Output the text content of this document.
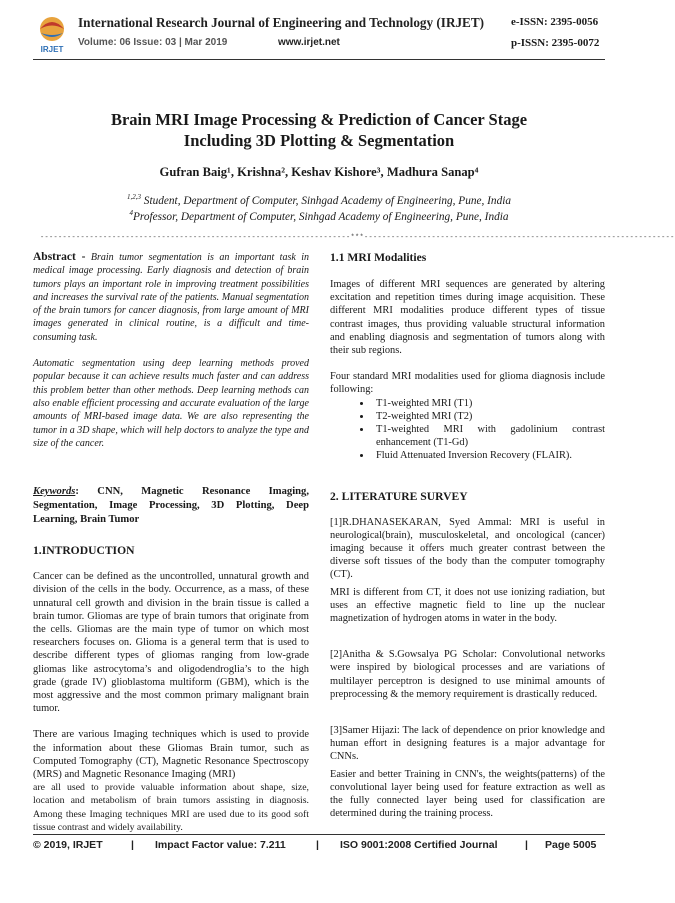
IRJET
International Research Journal of Engineering and Technology (IRJET) e-ISSN: 2395-0056
Volume: 06 Issue: 03 | Mar 2019	www.irjet.net	p-ISSN: 2395-0072
Brain MRI Image Processing & Prediction of Cancer Stage
Including 3D Plotting & Segmentation
Gufran Baig¹, Krishna², Keshav Kishore³, Madhura Sanap⁴
$^{1,2,3}$ Student, Department of Computer, Sinhgad Academy of Engineering, Pune, India
$^4$Professor, Department of Computer, Sinhgad Academy of Engineering, Pune, India
---------------------------------------------------------------------***---------------------------------------------------------------------

Abstract - Brain tumor segmentation is an important task in medical image processing. Early diagnosis and detection of brain tumors plays an important role in improving treatment possibilities and increases the survival rate of the patients. Manual segmentation of the brain tumors for cancer diagnosis, from large amount of MRI images generated in clinical routine, is a difficult and time-consuming task.

Automatic segmentation using deep learning methods proved popular because it can achieve results much faster and can address this problem better than other methods. Deep learning methods can also enable efficient processing and accurate evaluation of the large amounts of MRI-based image data. We are also representing the tumor in a 3D shape, which will help doctors to analyze the type and size of the cancer.

Keywords: CNN, Magnetic Resonance Imaging, Segmentation, Image Processing, 3D Plotting, Deep Learning, Brain Tumor

1.INTRODUCTION

Cancer can be defined as the uncontrolled, unnatural growth and division of the cells in the body. Occurrence, as a mass, of these unnatural cell growth and division in the brain tissue is called a brain tumor. Gliomas are type of brain tumors that originate from the cells. Gliomas are the main type of tumor on which most researchers focuses on. Glioma is a general term that is used to describe different types of gliomas ranging from low-grade gliomas like astrocytoma’s and oligodendroglia’s to the high grade (grade IV) glioblastoma multiform (GBM), which is the most aggressive and the most common primary malignant brain tumor.

There are various Imaging techniques which is used to provide the information about these Gliomas Brain tumor, such as Computed Tomography (CT), Magnetic Resonance Spectroscopy (MRS) and Magnetic Resonance Imaging (MRI)

are all used to provide valuable information about shape, size, location and metabolism of brain tumors assisting in diagnosis. Among these Imaging techniques MRI are used due to its good soft tissue contrast and widely availability.

1.1 MRI Modalities

Images of different MRI sequences are generated by altering excitation and repetition times during image acquisition. These different MRI modalities produce different types of tissue contrast images, thus providing valuable structural information and enabling diagnosis and segmentation of tumors along with their sub regions.

Four standard MRI modalities used for glioma diagnosis include following:

• T1-weighted MRI (T1)
• T2-weighted MRI (T2)
• T1-weighted MRI with gadolinium contrast enhancement (T1-Gd)
• Fluid Attenuated Inversion Recovery (FLAIR).
2. LITERATURE SURVEY

[1]R.DHANASEKARAN, Syed Ammal: MRI is useful in neurological(brain), musculoskeletal, and oncological (cancer) imaging because it offers much greater contrast between the diverse soft tissues of the body than the computer tomography (CT).

MRI is different from CT, it does not use ionizing radiation, but uses an effective magnetic field to line up the nuclear magnetization of hydrogen atoms in water in the body.

[2]Anitha & S.Gowsalya PG Scholar: Convolutional networks were inspired by biological processes and are variations of multilayer perceptron is designed to use minimal amounts of preprocessing & the memory requirement is drastically reduced.

[3]Samer Hijazi: The lack of dependence on prior knowledge and human effort in designing features is a major advantage for CNNs.

Easier and better Training in CNN's, the weights(patterns) of the convolutional layer being used for feature extraction as well as the fully connected layer being used for classification are determined during the training process.

© 2019, IRJET	| Impact Factor value: 7.211	| ISO 9001:2008 Certified Journal	| Page 5005
